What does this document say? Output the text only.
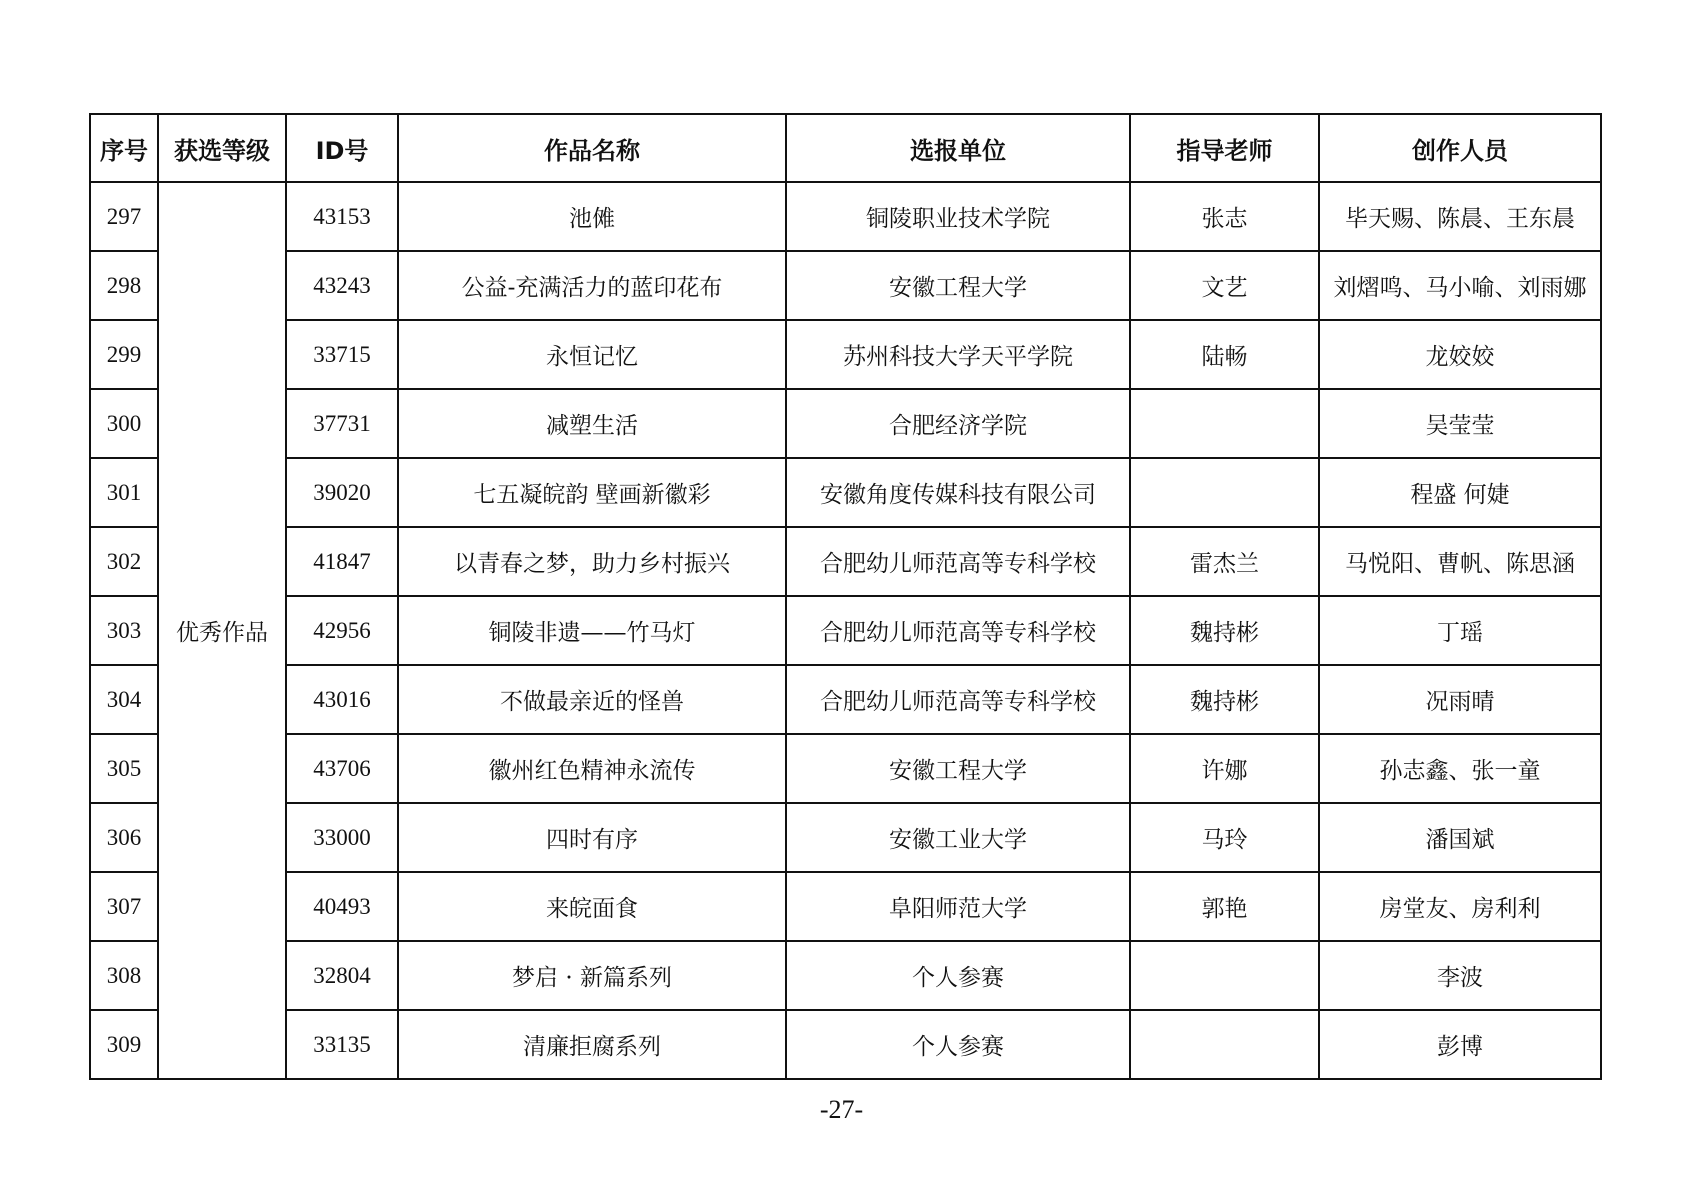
序号	获选等级	ID号	作品名称	选报单位	指导老师	创作人员
297	优秀作品	43153	池傩	铜陵职业技术学院	张志	毕天赐、陈晨、王东晨
298		43243	公益-充满活力的蓝印花布	安徽工程大学	文艺	刘熠鸣、马小喻、刘雨娜
299		33715	永恒记忆	苏州科技大学天平学院	陆畅	龙姣姣
300		37731	减塑生活	合肥经济学院		吴莹莹
301		39020	七五凝皖韵 壁画新徽彩	安徽角度传媒科技有限公司		程盛 何婕
302		41847	以青春之梦，助力乡村振兴	合肥幼儿师范高等专科学校	雷杰兰	马悦阳、曹帆、陈思涵
303		42956	铜陵非遗——竹马灯	合肥幼儿师范高等专科学校	魏持彬	丁瑶
304		43016	不做最亲近的怪兽	合肥幼儿师范高等专科学校	魏持彬	况雨晴
305		43706	徽州红色精神永流传	安徽工程大学	许娜	孙志鑫、张一童
306		33000	四时有序	安徽工业大学	马玲	潘国斌
307		40493	来皖面食	阜阳师范大学	郭艳	房堂友、房利利
308		32804	梦启 · 新篇系列	个人参赛		李波
309		33135	清廉拒腐系列	个人参赛		彭博
-27-
